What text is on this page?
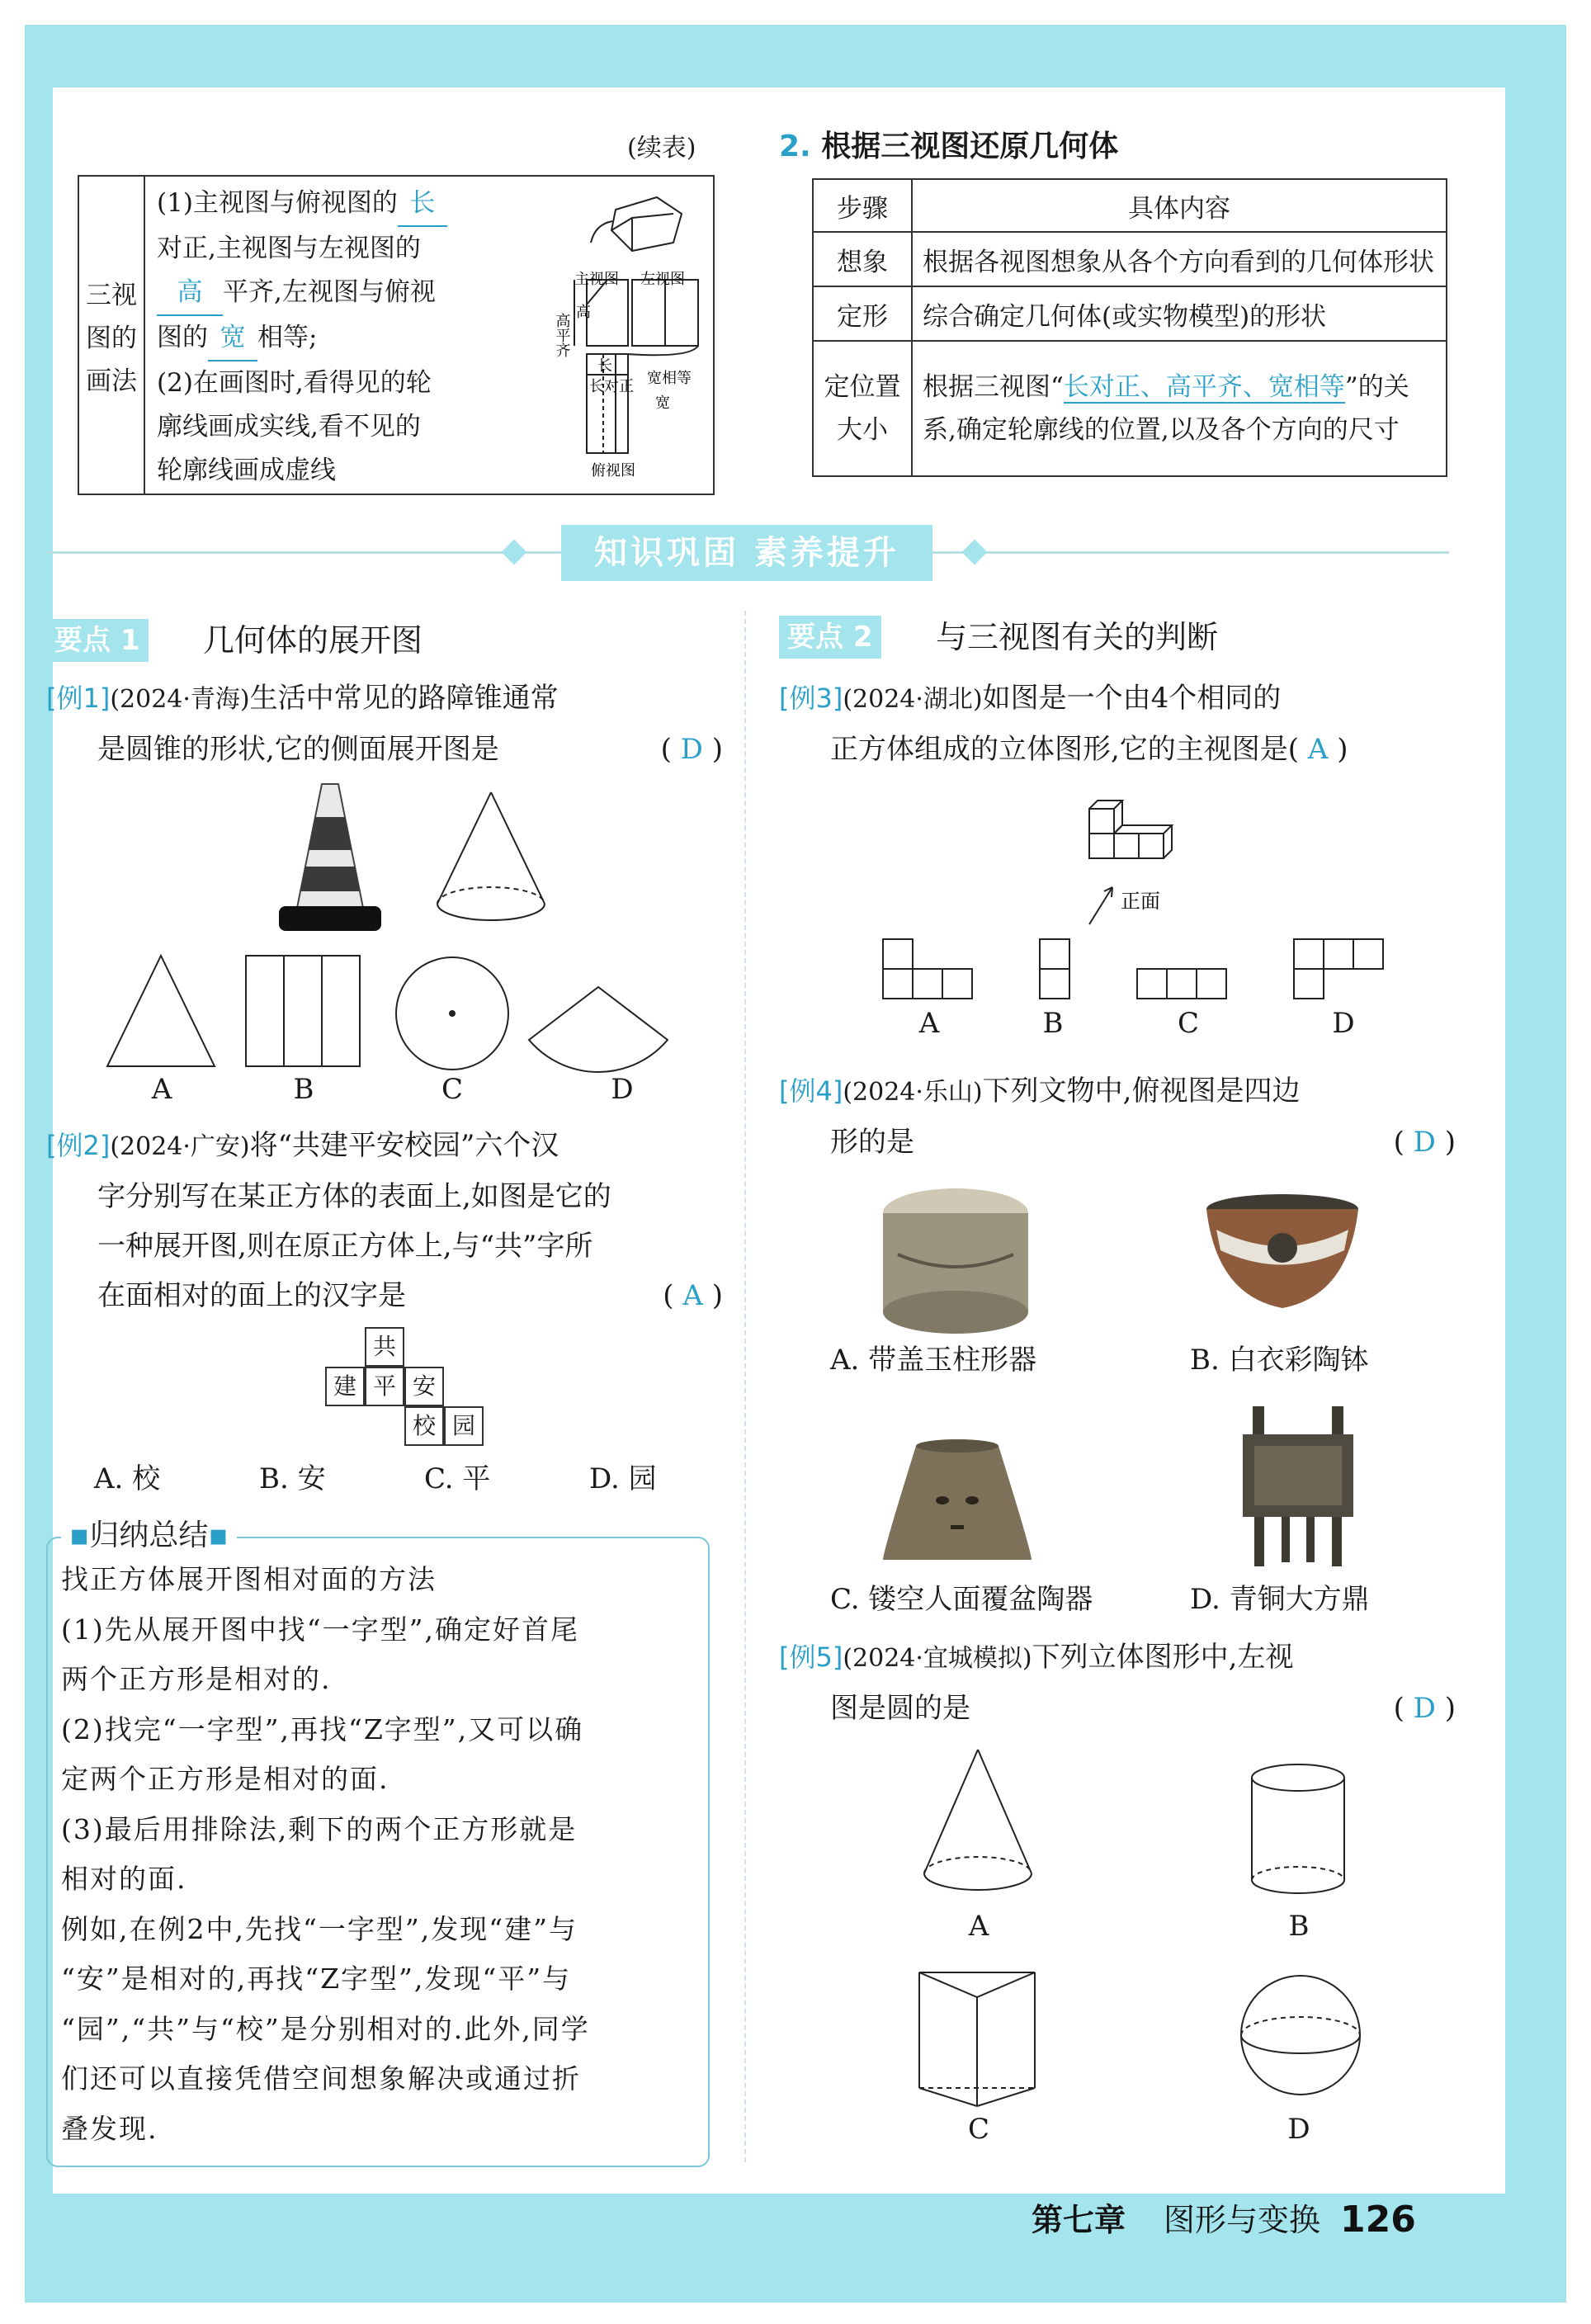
(续表)
三视图的画法
(1)主视图与俯视图的 长
对正,主视图与左视图的
高 平齐,左视图与俯视
图的 宽 相等;
(2)在画图时,看得见的轮
廓线画成实线,看不见的
轮廓线画成虚线
主视图 左视图
高平齐
高
长
长对正 宽相等
宽
俯视图
2. 根据三视图还原几何体
步骤	具体内容
想象	根据各视图想象从各个方向看到的几何体形状
定形	综合确定几何体(或实物模型)的形状
定位置大小	根据三视图“长对正、高平齐、宽相等”的关系,确定轮廓线的位置,以及各个方向的尺寸
知识巩固 素养提升
要点 1 几何体的展开图
[例1](2024·青海)生活中常见的路障锥通常
是圆锥的形状,它的侧面展开图是	( D )
A	B	C	D
[例2](2024·广安)将“共建平安校园”六个汉
字分别写在某正方体的表面上,如图是它的
一种展开图,则在原正方体上,与“共”字所
在面相对的面上的汉字是	( A )
共
建 平 安
校 园
A. 校	B. 安	C. 平	D. 园
▪归纳总结▪
找正方体展开图相对面的方法
(1)先从展开图中找“一字型”,确定好首尾
两个正方形是相对的.
(2)找完“一字型”,再找“Z字型”,又可以确
定两个正方形是相对的面.
(3)最后用排除法,剩下的两个正方形就是
相对的面.
例如,在例2中,先找“一字型”,发现“建”与
“安”是相对的,再找“Z字型”,发现“平”与
“园”,“共”与“校”是分别相对的.此外,同学
们还可以直接凭借空间想象解决或通过折
叠发现.
要点 2 与三视图有关的判断
[例3](2024·湖北)如图是一个由4个相同的
正方体组成的立体图形,它的主视图是( A )
正面
A	B	C	D
[例4](2024·乐山)下列文物中,俯视图是四边
形的是	( D )
A. 带盖玉柱形器	B. 白衣彩陶钵
C. 镂空人面覆盆陶器	D. 青铜大方鼎
[例5](2024·宜城模拟)下列立体图形中,左视
图是圆的是	( D )
A	B
C	D
第七章 图形与变换 126
